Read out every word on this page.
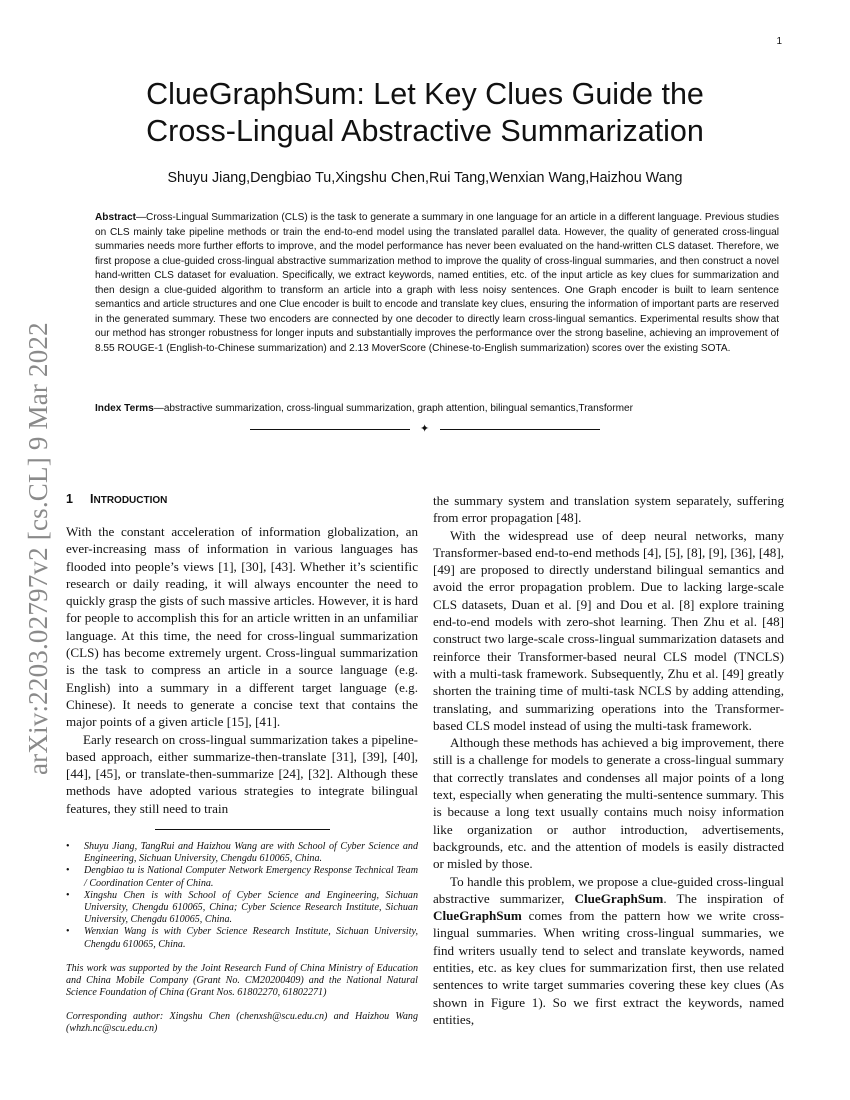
1
arXiv:2203.02797v2 [cs.CL] 9 Mar 2022
ClueGraphSum: Let Key Clues Guide the
Cross-Lingual Abstractive Summarization
Shuyu Jiang,Dengbiao Tu,Xingshu Chen,Rui Tang,Wenxian Wang,Haizhou Wang
Abstract—Cross-Lingual Summarization (CLS) is the task to generate a summary in one language for an article in a different language. Previous studies on CLS mainly take pipeline methods or train the end-to-end model using the translated parallel data. However, the quality of generated cross-lingual summaries needs more further efforts to improve, and the model performance has never been evaluated on the hand-written CLS dataset. Therefore, we first propose a clue-guided cross-lingual abstractive summarization method to improve the quality of cross-lingual summaries, and then construct a novel hand-written CLS dataset for evaluation. Specifically, we extract keywords, named entities, etc. of the input article as key clues for summarization and then design a clue-guided algorithm to transform an article into a graph with less noisy sentences. One Graph encoder is built to learn sentence semantics and article structures and one Clue encoder is built to encode and translate key clues, ensuring the information of important parts are reserved in the generated summary. These two encoders are connected by one decoder to directly learn cross-lingual semantics. Experimental results show that our method has stronger robustness for longer inputs and substantially improves the performance over the strong baseline, achieving an improvement of 8.55 ROUGE-1 (English-to-Chinese summarization) and 2.13 MoverScore (Chinese-to-English summarization) scores over the existing SOTA.
Index Terms—abstractive summarization, cross-lingual summarization, graph attention, bilingual semantics,Transformer
✦
1 INTRODUCTION

With the constant acceleration of information globalization, an ever-increasing mass of information in various languages has flooded into people’s views [1], [30], [43]. Whether it’s scientific research or daily reading, it will always encounter the need to quickly grasp the gists of such massive articles. However, it is hard for people to accomplish this for an article written in an unfamiliar language. At this time, the need for cross-lingual summarization (CLS) has become extremely urgent. Cross-lingual summarization is the task to compress an article in a source language (e.g. English) into a summary in a different target language (e.g. Chinese). It needs to generate a concise text that contains the major points of a given article [15], [41].

Early research on cross-lingual summarization takes a pipeline-based approach, either summarize-then-translate [31], [39], [40], [44], [45], or translate-then-summarize [24], [32]. Although these methods have adopted various strategies to integrate bilingual features, they still need to train

the summary system and translation system separately, suffering from error propagation [48].

With the widespread use of deep neural networks, many Transformer-based end-to-end methods [4], [5], [8], [9], [36], [48], [49] are proposed to directly understand bilingual semantics and avoid the error propagation problem. Due to lacking large-scale CLS datasets, Duan et al. [9] and Dou et al. [8] explore training end-to-end models with zero-shot learning. Then Zhu et al. [48] construct two large-scale cross-lingual summarization datasets and reinforce their Transformer-based neural CLS model (TNCLS) with a multi-task framework. Subsequently, Zhu et al. [49] greatly shorten the training time of multi-task NCLS by adding attending, translating, and summarizing operations into the Transformer-based CLS model instead of using the multi-task framework.

Although these methods has achieved a big improvement, there still is a challenge for models to generate a cross-lingual summary that correctly translates and condenses all major points of a long text, especially when generating the multi-sentence summary. This is because a long text usually contains much noisy information like organization or author introduction, advertisements, backgrounds, etc. and the attention of models is easily distracted or misled by those.

To handle this problem, we propose a clue-guided cross-lingual abstractive summarizer, ClueGraphSum. The inspiration of ClueGraphSum comes from the pattern how we write cross-lingual summaries. When writing cross-lingual summaries, we find writers usually tend to select and translate keywords, named entities, etc. as key clues for summarization first, then use related sentences to write target summaries covering these key clues (As shown in Figure 1). So we first extract the keywords, named entities,

• Shuyu Jiang, TangRui and Haizhou Wang are with School of Cyber Science and Engineering, Sichuan University, Chengdu 610065, China.
• Dengbiao tu is National Computer Network Emergency Response Technical Team / Coordination Center of China.
• Xingshu Chen is with School of Cyber Science and Engineering, Sichuan University, Chengdu 610065, China; Cyber Science Research Institute, Sichuan University, Chengdu 610065, China.
• Wenxian Wang is with Cyber Science Research Institute, Sichuan University, Chengdu 610065, China.
This work was supported by the Joint Research Fund of China Ministry of Education and China Mobile Company (Grant No. CM20200409) and the National Natural Science Foundation of China (Grant Nos. 61802270, 61802271)
Corresponding author: Xingshu Chen (chenxsh@scu.edu.cn) and Haizhou Wang (whzh.nc@scu.edu.cn)
